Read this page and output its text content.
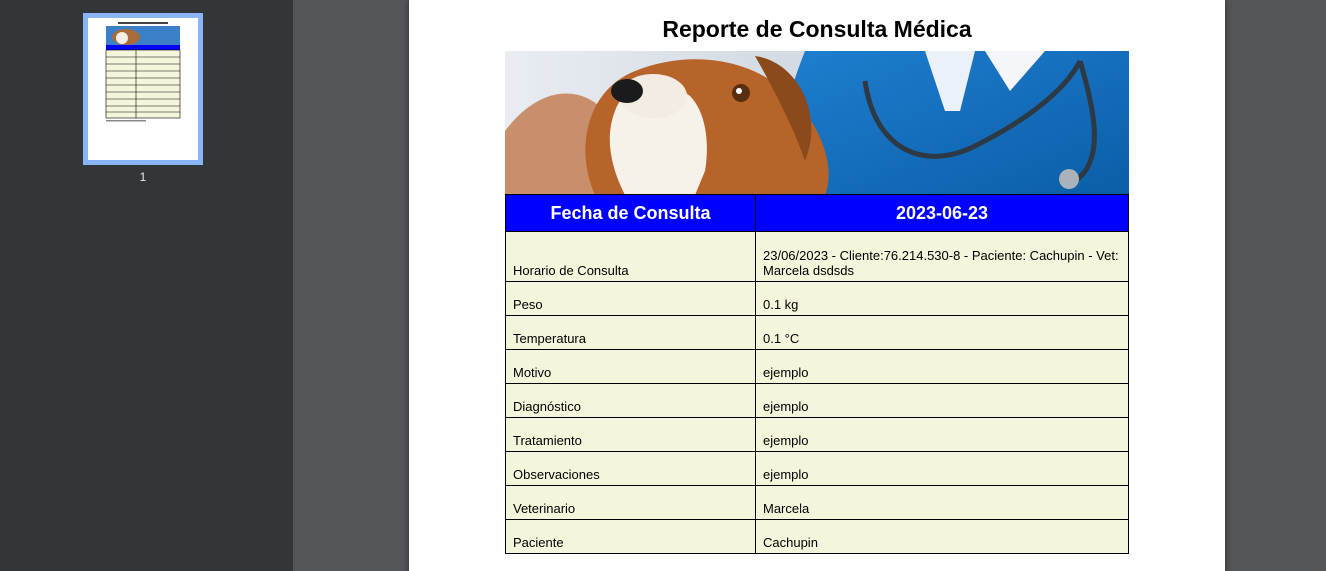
1
Reporte de Consulta Médica
Fecha de Consulta	2023-06-23
Horario de Consulta	23/06/2023 - Cliente:76.214.530-8 - Paciente: Cachupin - Vet: Marcela dsdsds
Peso	0.1 kg
Temperatura	0.1 °C
Motivo	ejemplo
Diagnóstico	ejemplo
Tratamiento	ejemplo
Observaciones	ejemplo
Veterinario	Marcela
Paciente	Cachupin
